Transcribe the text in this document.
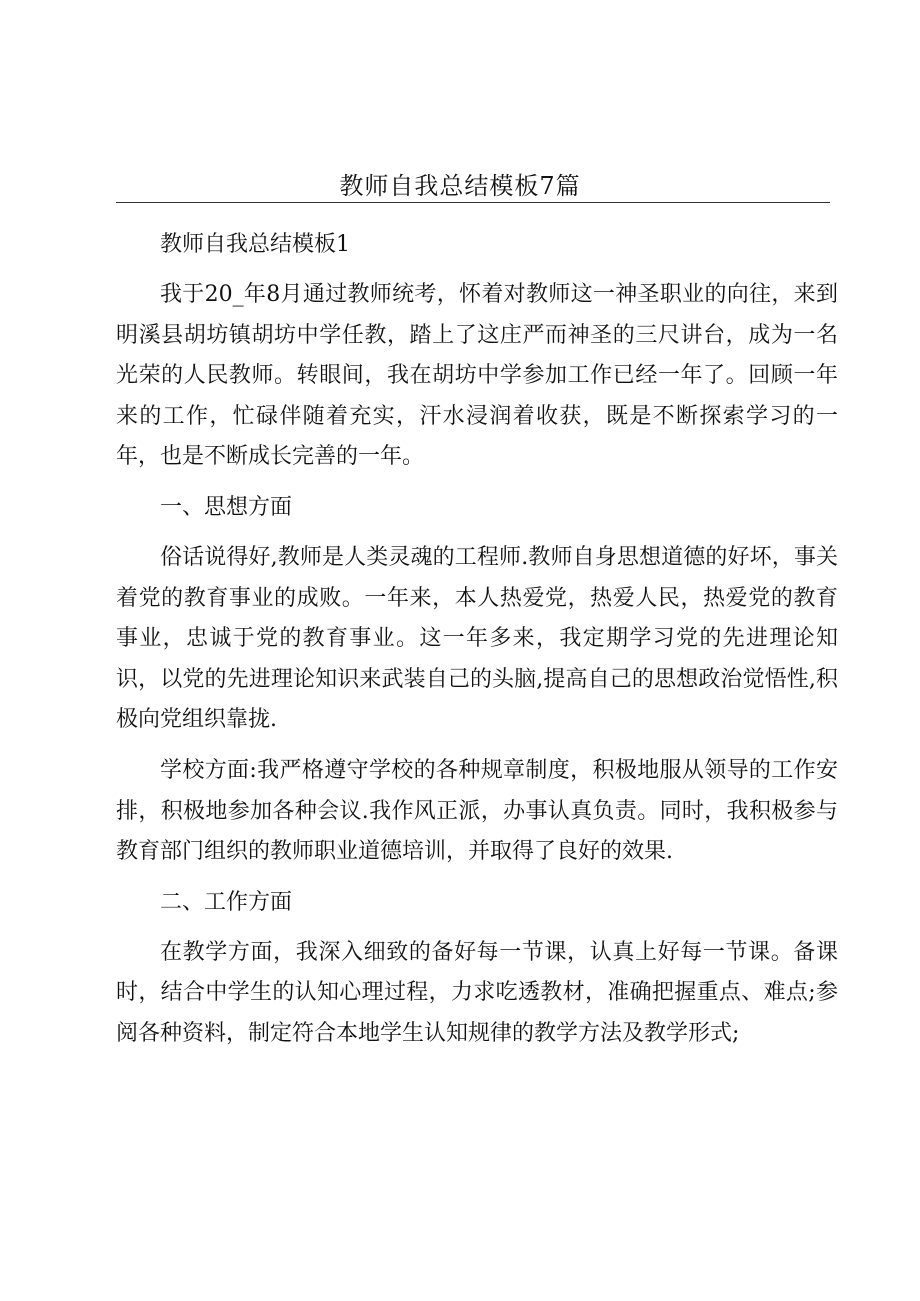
教师自我总结模板7篇

教师自我总结模板1

我于20_年8月通过教师统考，怀着对教师这一神圣职业的向往，来到明溪县胡坊镇胡坊中学任教，踏上了这庄严而神圣的三尺讲台，成为一名光荣的人民教师。转眼间，我在胡坊中学参加工作已经一年了。回顾一年来的工作，忙碌伴随着充实，汗水浸润着收获，既是不断探索学习的一年，也是不断成长完善的一年。

一、思想方面

俗话说得好,教师是人类灵魂的工程师.教师自身思想道德的好坏，事关着党的教育事业的成败。一年来，本人热爱党，热爱人民，热爱党的教育事业，忠诚于党的教育事业。这一年多来，我定期学习党的先进理论知识，以党的先进理论知识来武装自己的头脑,提高自己的思想政治觉悟性,积极向党组织靠拢.

学校方面:我严格遵守学校的各种规章制度，积极地服从领导的工作安排，积极地参加各种会议.我作风正派，办事认真负责。同时，我积极参与教育部门组织的教师职业道德培训，并取得了良好的效果.

二、工作方面

在教学方面，我深入细致的备好每一节课，认真上好每一节课。备课时，结合中学生的认知心理过程，力求吃透教材，准确把握重点、难点;参阅各种资料，制定符合本地学生认知规律的教学方法及教学形式;
